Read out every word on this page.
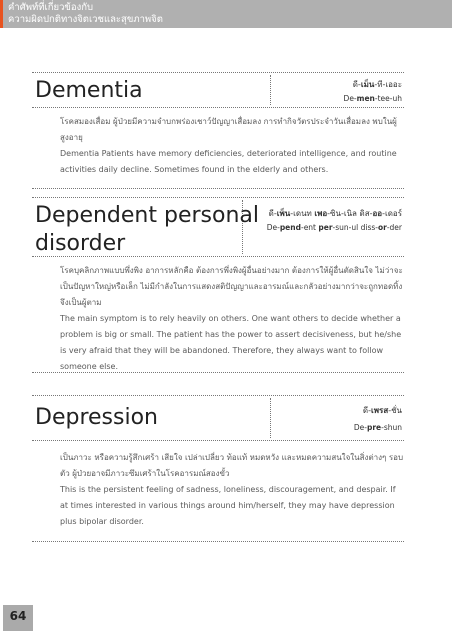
คำศัพท์ที่เกี่ยวข้องกับ
ความผิดปกติทางจิตเวชและสุขภาพจิต
Dementia	ดี-เม็น-ที-เออะ
De-men-tee-uh

โรคสมองเสื่อม ผู้ป่วยมีความจำบกพร่องเชาว์ปัญญาเสื่อมลง การทำกิจวัตรประจำวันเสื่อมลง พบในผู้สูงอายุ

Dementia Patients have memory deficiencies, deteriorated intelligence, and routine activities daily decline. Sometimes found in the elderly and others.

Dependent personal
disorder
ดี-เพ็น-เดนท เพอ-ซิน-เนิล ดิส-ออ-เดอร์
De-pend-ent per-sun-ul diss-or-der

โรคบุคลิกภาพแบบพึ่งพิง อาการหลักคือ ต้องการพึ่งพิงผู้อื่นอย่างมาก ต้องการให้ผู้อื่นตัดสินใจ ไม่ว่าจะเป็นปัญหาใหญ่หรือเล็ก ไม่มีกำลังในการแสดงสติปัญญาและอารมณ์และกลัวอย่างมากว่าจะถูกทอดทิ้ง จึงเป็นผู้ตาม

The main symptom is to rely heavily on others. One want others to decide whether a problem is big or small. The patient has the power to assert decisiveness, but he/she is very afraid that they will be abandoned. Therefore, they always want to follow someone else.

Depression	ดี-เพรส-ชั่น
De-pre-shun

เป็นภาวะ หรือความรู้สึกเศร้า เสียใจ เปล่าเปลี่ยว ท้อแท้ หมดหวัง และหมดความสนใจในสิ่งต่างๆ รอบตัว ผู้ป่วยอาจมีภาวะซึมเศร้าในโรคอารมณ์สองขั้ว

This is the persistent feeling of sadness, loneliness, discouragement, and despair. If at times interested in various things around him/herself, they may have depression plus bipolar disorder.

64
